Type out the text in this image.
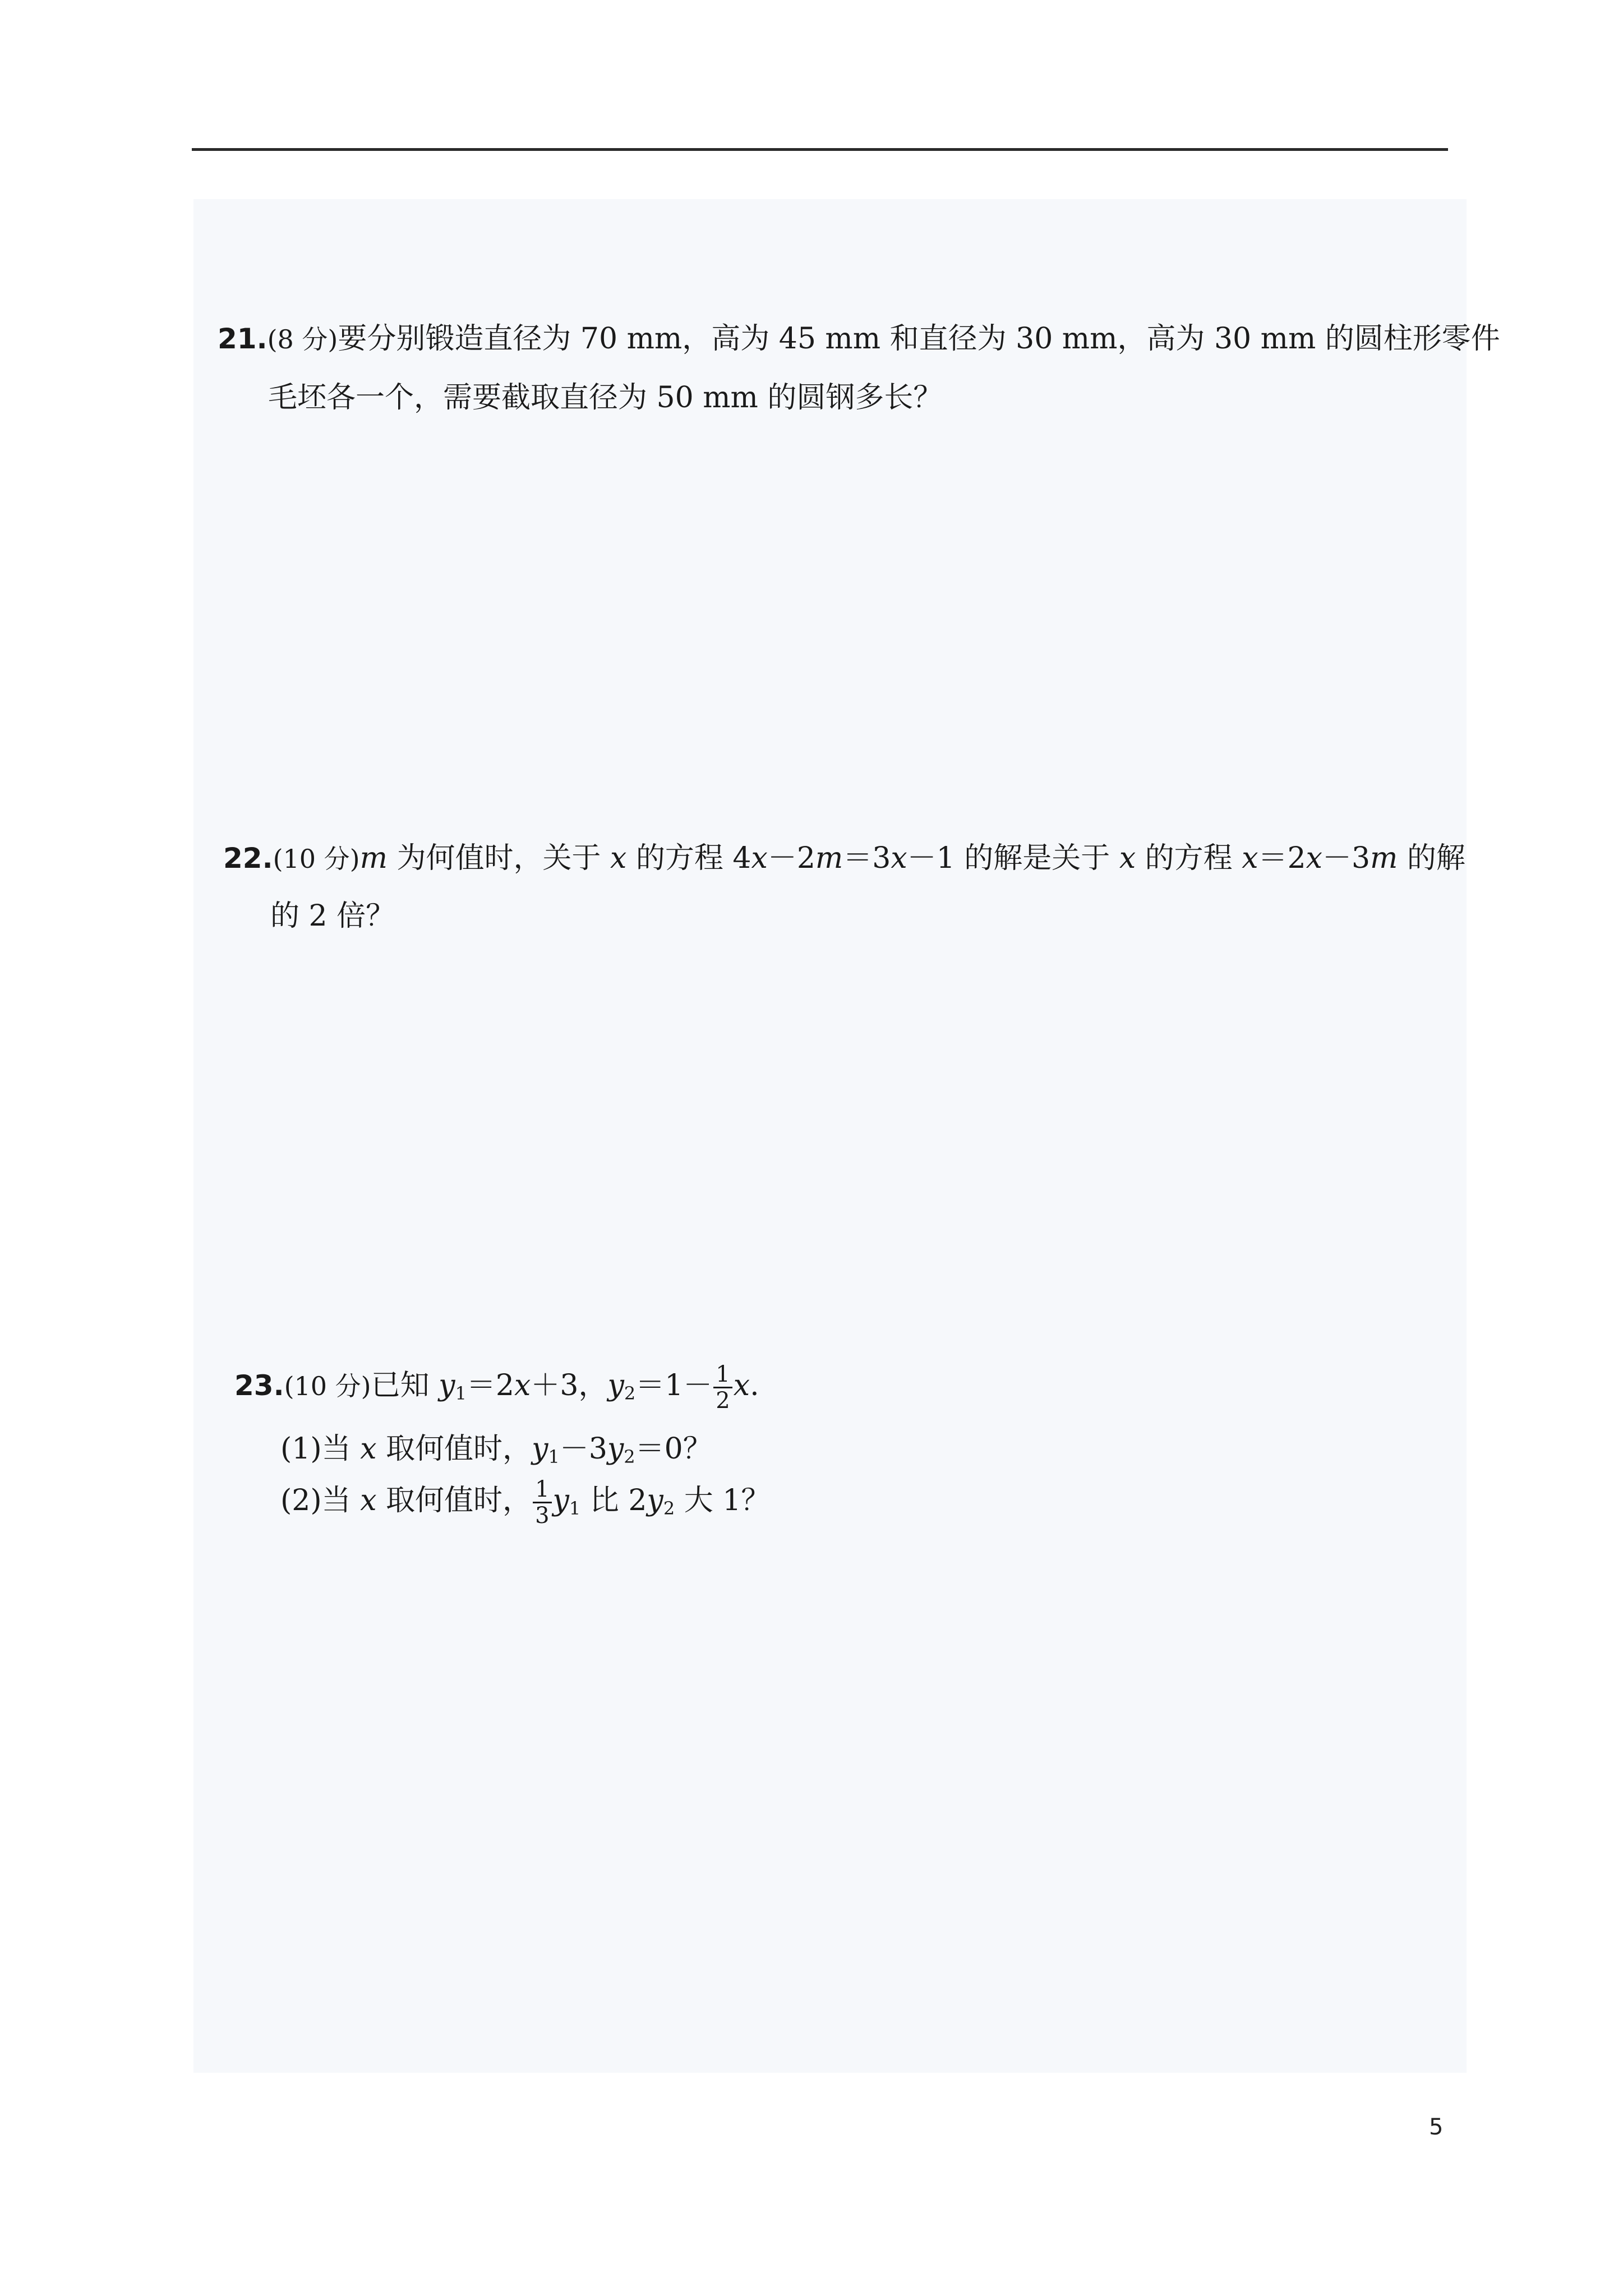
21.(8 分)要分别锻造直径为 70 mm，高为 45 mm 和直径为 30 mm，高为 30 mm 的圆柱形零件
毛坯各一个，需要截取直径为 50 mm 的圆钢多长？
22.(10 分)m 为何值时，关于 x 的方程 4x－2m＝3x－1 的解是关于 x 的方程 x＝2x－3m 的解
的 2 倍？
23.(10 分)已知 $y_1=2x+3$，$y_2=1- \frac{1}{2} x$.
(1)当 x 取何值时，$y_1-3y_2=0$？
(2)当 x 取何值时， $\frac{1}{3} y_1$ 比 $2y_2$ 大 1？
5
